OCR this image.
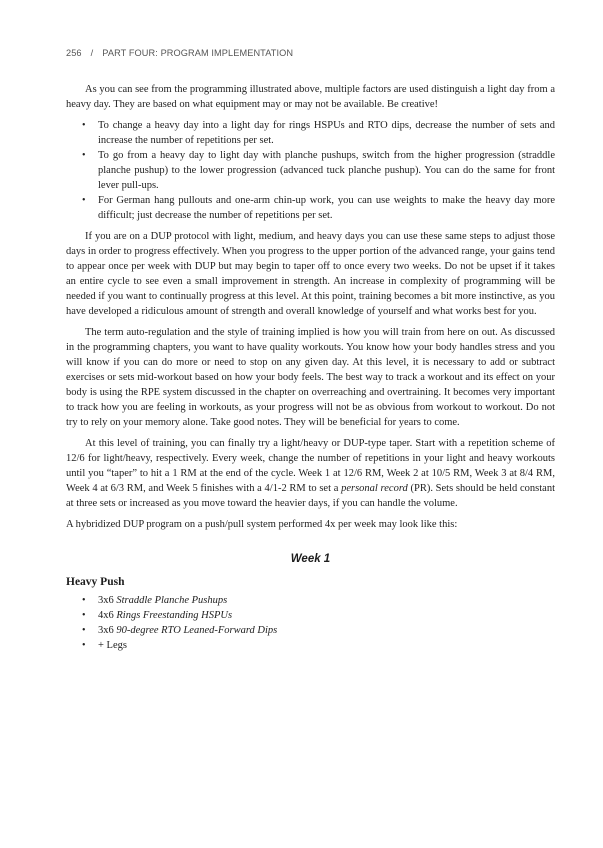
256 / PART FOUR: PROGRAM IMPLEMENTATION

As you can see from the programming illustrated above, multiple factors are used distinguish a light day from a heavy day. They are based on what equipment may or may not be available. Be creative!

• To change a heavy day into a light day for rings HSPUs and RTO dips, decrease the number of sets and increase the number of repetitions per set.
• To go from a heavy day to light day with planche pushups, switch from the higher progression (straddle planche pushup) to the lower progression (advanced tuck planche pushup). You can do the same for front lever pull-ups.
• For German hang pullouts and one-arm chin-up work, you can use weights to make the heavy day more difficult; just decrease the number of repetitions per set.

If you are on a DUP protocol with light, medium, and heavy days you can use these same steps to adjust those days in order to progress effectively. When you progress to the upper portion of the advanced range, your gains tend to appear once per week with DUP but may begin to taper off to once every two weeks. Do not be upset if it takes an entire cycle to see even a small improvement in strength. An increase in complexity of programming will be needed if you want to continually progress at this level. At this point, training becomes a bit more instinctive, as you have developed a ridiculous amount of strength and overall knowledge of yourself and what works best for you.

The term auto-regulation and the style of training implied is how you will train from here on out. As discussed in the programming chapters, you want to have quality workouts. You know how your body handles stress and you will know if you can do more or need to stop on any given day. At this level, it is necessary to add or subtract exercises or sets mid-workout based on how your body feels. The best way to track a workout and its effect on your body is using the RPE system discussed in the chapter on overreaching and overtraining. It becomes very important to track how you are feeling in workouts, as your progress will not be as obvious from workout to workout. Do not try to rely on your memory alone. Take good notes. They will be beneficial for years to come.

At this level of training, you can finally try a light/heavy or DUP-type taper. Start with a repetition scheme of 12/6 for light/heavy, respectively. Every week, change the number of repetitions in your light and heavy workouts until you “taper” to hit a 1 RM at the end of the cycle. Week 1 at 12/6 RM, Week 2 at 10/5 RM, Week 3 at 8/4 RM, Week 4 at 6/3 RM, and Week 5 finishes with a 4/1-2 RM to set a personal record (PR). Sets should be held constant at three sets or increased as you move toward the heavier days, if you can handle the volume.

A hybridized DUP program on a push/pull system performed 4x per week may look like this:

Week 1
Heavy Push
• 3x6 Straddle Planche Pushups
• 4x6 Rings Freestanding HSPUs
• 3x6 90-degree RTO Leaned-Forward Dips
• + Legs
